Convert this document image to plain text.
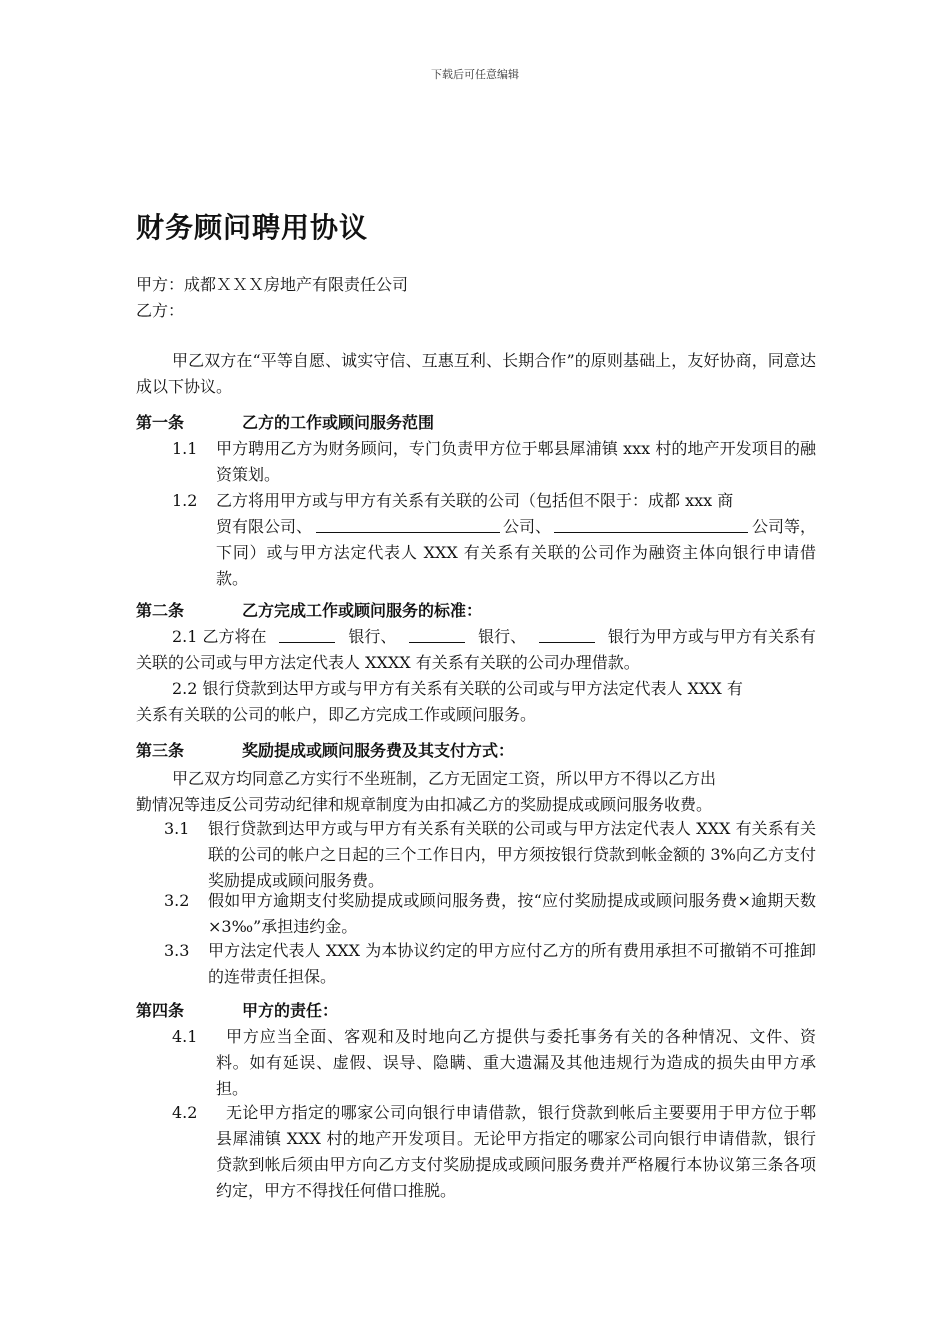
下载后可任意编辑
财务顾问聘用协议
甲方：成都ＸＸＸ房地产有限责任公司
乙方：
甲乙双方在“平等自愿、诚实守信、互惠互利、长期合作”的原则基础上，友好协商，同意达成以下协议。
第一条	乙方的工作或顾问服务范围
1.1 甲方聘用乙方为财务顾问，专门负责甲方位于郫县犀浦镇 xxx 村的地产开发项目的融资策划。
1.2 乙方将用甲方或与甲方有关系有关联的公司（包括但不限于：成都 xxx 商
贸有限公司、	公司、	公司等，
下同）或与甲方法定代表人 XXX 有关系有关联的公司作为融资主体向银行申请借款。
第二条	乙方完成工作或顾问服务的标准：
2.1 乙方将在	银行、	银行、	银行为甲方或与甲方有关系有
关联的公司或与甲方法定代表人 XXXX 有关系有关联的公司办理借款。
2.2 银行贷款到达甲方或与甲方有关系有关联的公司或与甲方法定代表人 XXX 有
关系有关联的公司的帐户，即乙方完成工作或顾问服务。
第三条	奖励提成或顾问服务费及其支付方式：
甲乙双方均同意乙方实行不坐班制，乙方无固定工资，所以甲方不得以乙方出
勤情况等违反公司劳动纪律和规章制度为由扣减乙方的奖励提成或顾问服务收费。
3.1 银行贷款到达甲方或与甲方有关系有关联的公司或与甲方法定代表人 XXX 有关系有关联的公司的帐户之日起的三个工作日内，甲方须按银行贷款到帐金额的 3%向乙方支付奖励提成或顾问服务费。
3.2 假如甲方逾期支付奖励提成或顾问服务费，按“应付奖励提成或顾问服务费×逾期天数×3‰”承担违约金。
3.3 甲方法定代表人 XXX 为本协议约定的甲方应付乙方的所有费用承担不可撤销不可推卸的连带责任担保。
第四条	甲方的责任：
4.1	甲方应当全面、客观和及时地向乙方提供与委托事务有关的各种情况、文件、资料。如有延误、虚假、误导、隐瞒、重大遗漏及其他违规行为造成的损失由甲方承担。
4.2	无论甲方指定的哪家公司向银行申请借款，银行贷款到帐后主要要用于甲方位于郫县犀浦镇 XXX 村的地产开发项目。无论甲方指定的哪家公司向银行申请借款，银行贷款到帐后须由甲方向乙方支付奖励提成或顾问服务费并严格履行本协议第三条各项约定，甲方不得找任何借口推脱。
